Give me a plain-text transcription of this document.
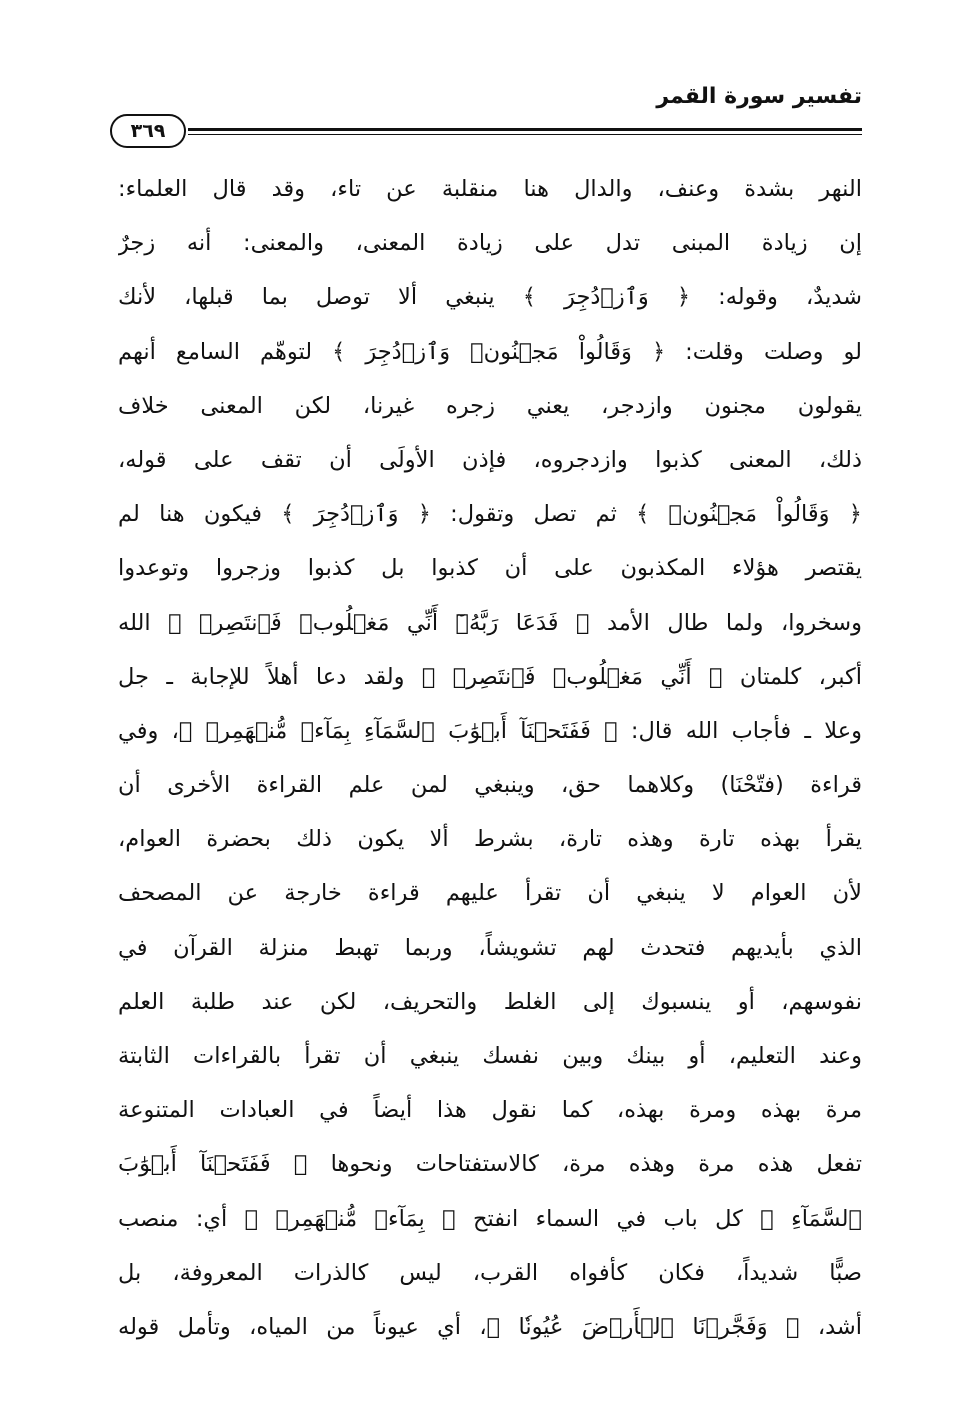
تفسير سورة القمر
٣٦٩
النهر بشدة وعنف، والدال هنا منقلبة عن تاء، وقد قال العلماء:
إن زيادة المبنى تدل على زيادة المعنى، والمعنى: أنه زجرٌ
شديدٌ، وقوله: ﴿ وَٱزۡدُجِرَ ﴾ ينبغي ألا توصل بما قبلها، لأنك
لو وصلت وقلت: ﴿ وَقَالُواْ مَجۡنُونٞ وَٱزۡدُجِرَ ﴾ لتوهّم السامع أنهم
يقولون مجنون وازدجر، يعني زجره غيرنا، لكن المعنى خلاف
ذلك، المعنى كذبوا وازدجروه، فإذن الأولَى أن تقف على قوله،
﴿ وَقَالُواْ مَجۡنُونٞ ﴾ ثم تصل وتقول: ﴿ وَٱزۡدُجِرَ ﴾ فيكون هنا لم
يقتصر هؤلاء المكذبون على أن كذبوا بل كذبوا وزجروا وتوعدوا
وسخروا، ولما طال الأمد ﴿ فَدَعَا رَبَّهُۥٓ أَنِّي مَغۡلُوبٞ فَٱنتَصِرۡ ﴾ الله
أكبر، كلمتان ﴿ أَنِّي مَغۡلُوبٞ فَٱنتَصِرۡ ﴾ ولقد دعا أهلاً للإجابة ـ جل
وعلا ـ فأجاب الله قال: ﴿ فَفَتَحۡنَآ أَبۡوَٰبَ ٱلسَّمَآءِ بِمَآءٖ مُّنۡهَمِرٖ ﴾، وفي
قراءة (فتّحْنَا) وكلاهما حق، وينبغي لمن علم القراءة الأخرى أن
يقرأ بهذه تارة وهذه تارة، بشرط ألا يكون ذلك بحضرة العوام،
لأن العوام لا ينبغي أن تقرأ عليهم قراءة خارجة عن المصحف
الذي بأيديهم فتحدث لهم تشويشاً، وربما تهبط منزلة القرآن في
نفوسهم، أو ينسبوك إلى الغلط والتحريف، لكن عند طلبة العلم
وعند التعليم، أو بينك وبين نفسك ينبغي أن تقرأ بالقراءات الثابتة
مرة بهذه ومرة بهذه، كما نقول هذا أيضاً في العبادات المتنوعة
تفعل هذه مرة وهذه مرة، كالاستفتاحات ونحوها ﴿ فَفَتَحۡنَآ أَبۡوَٰبَ
ٱلسَّمَآءِ ﴾ كل باب في السماء انفتح ﴿ بِمَآءٖ مُّنۡهَمِرٖ ﴾ أي: منصب
صبًّا شديداً، فكان كأفواه القرب، ليس كالذرات المعروفة، بل
أشد، ﴿ وَفَجَّرۡنَا ٱلۡأَرۡضَ عُيُونٗا ﴾، أي عيوناً من المياه، وتأمل قوله
